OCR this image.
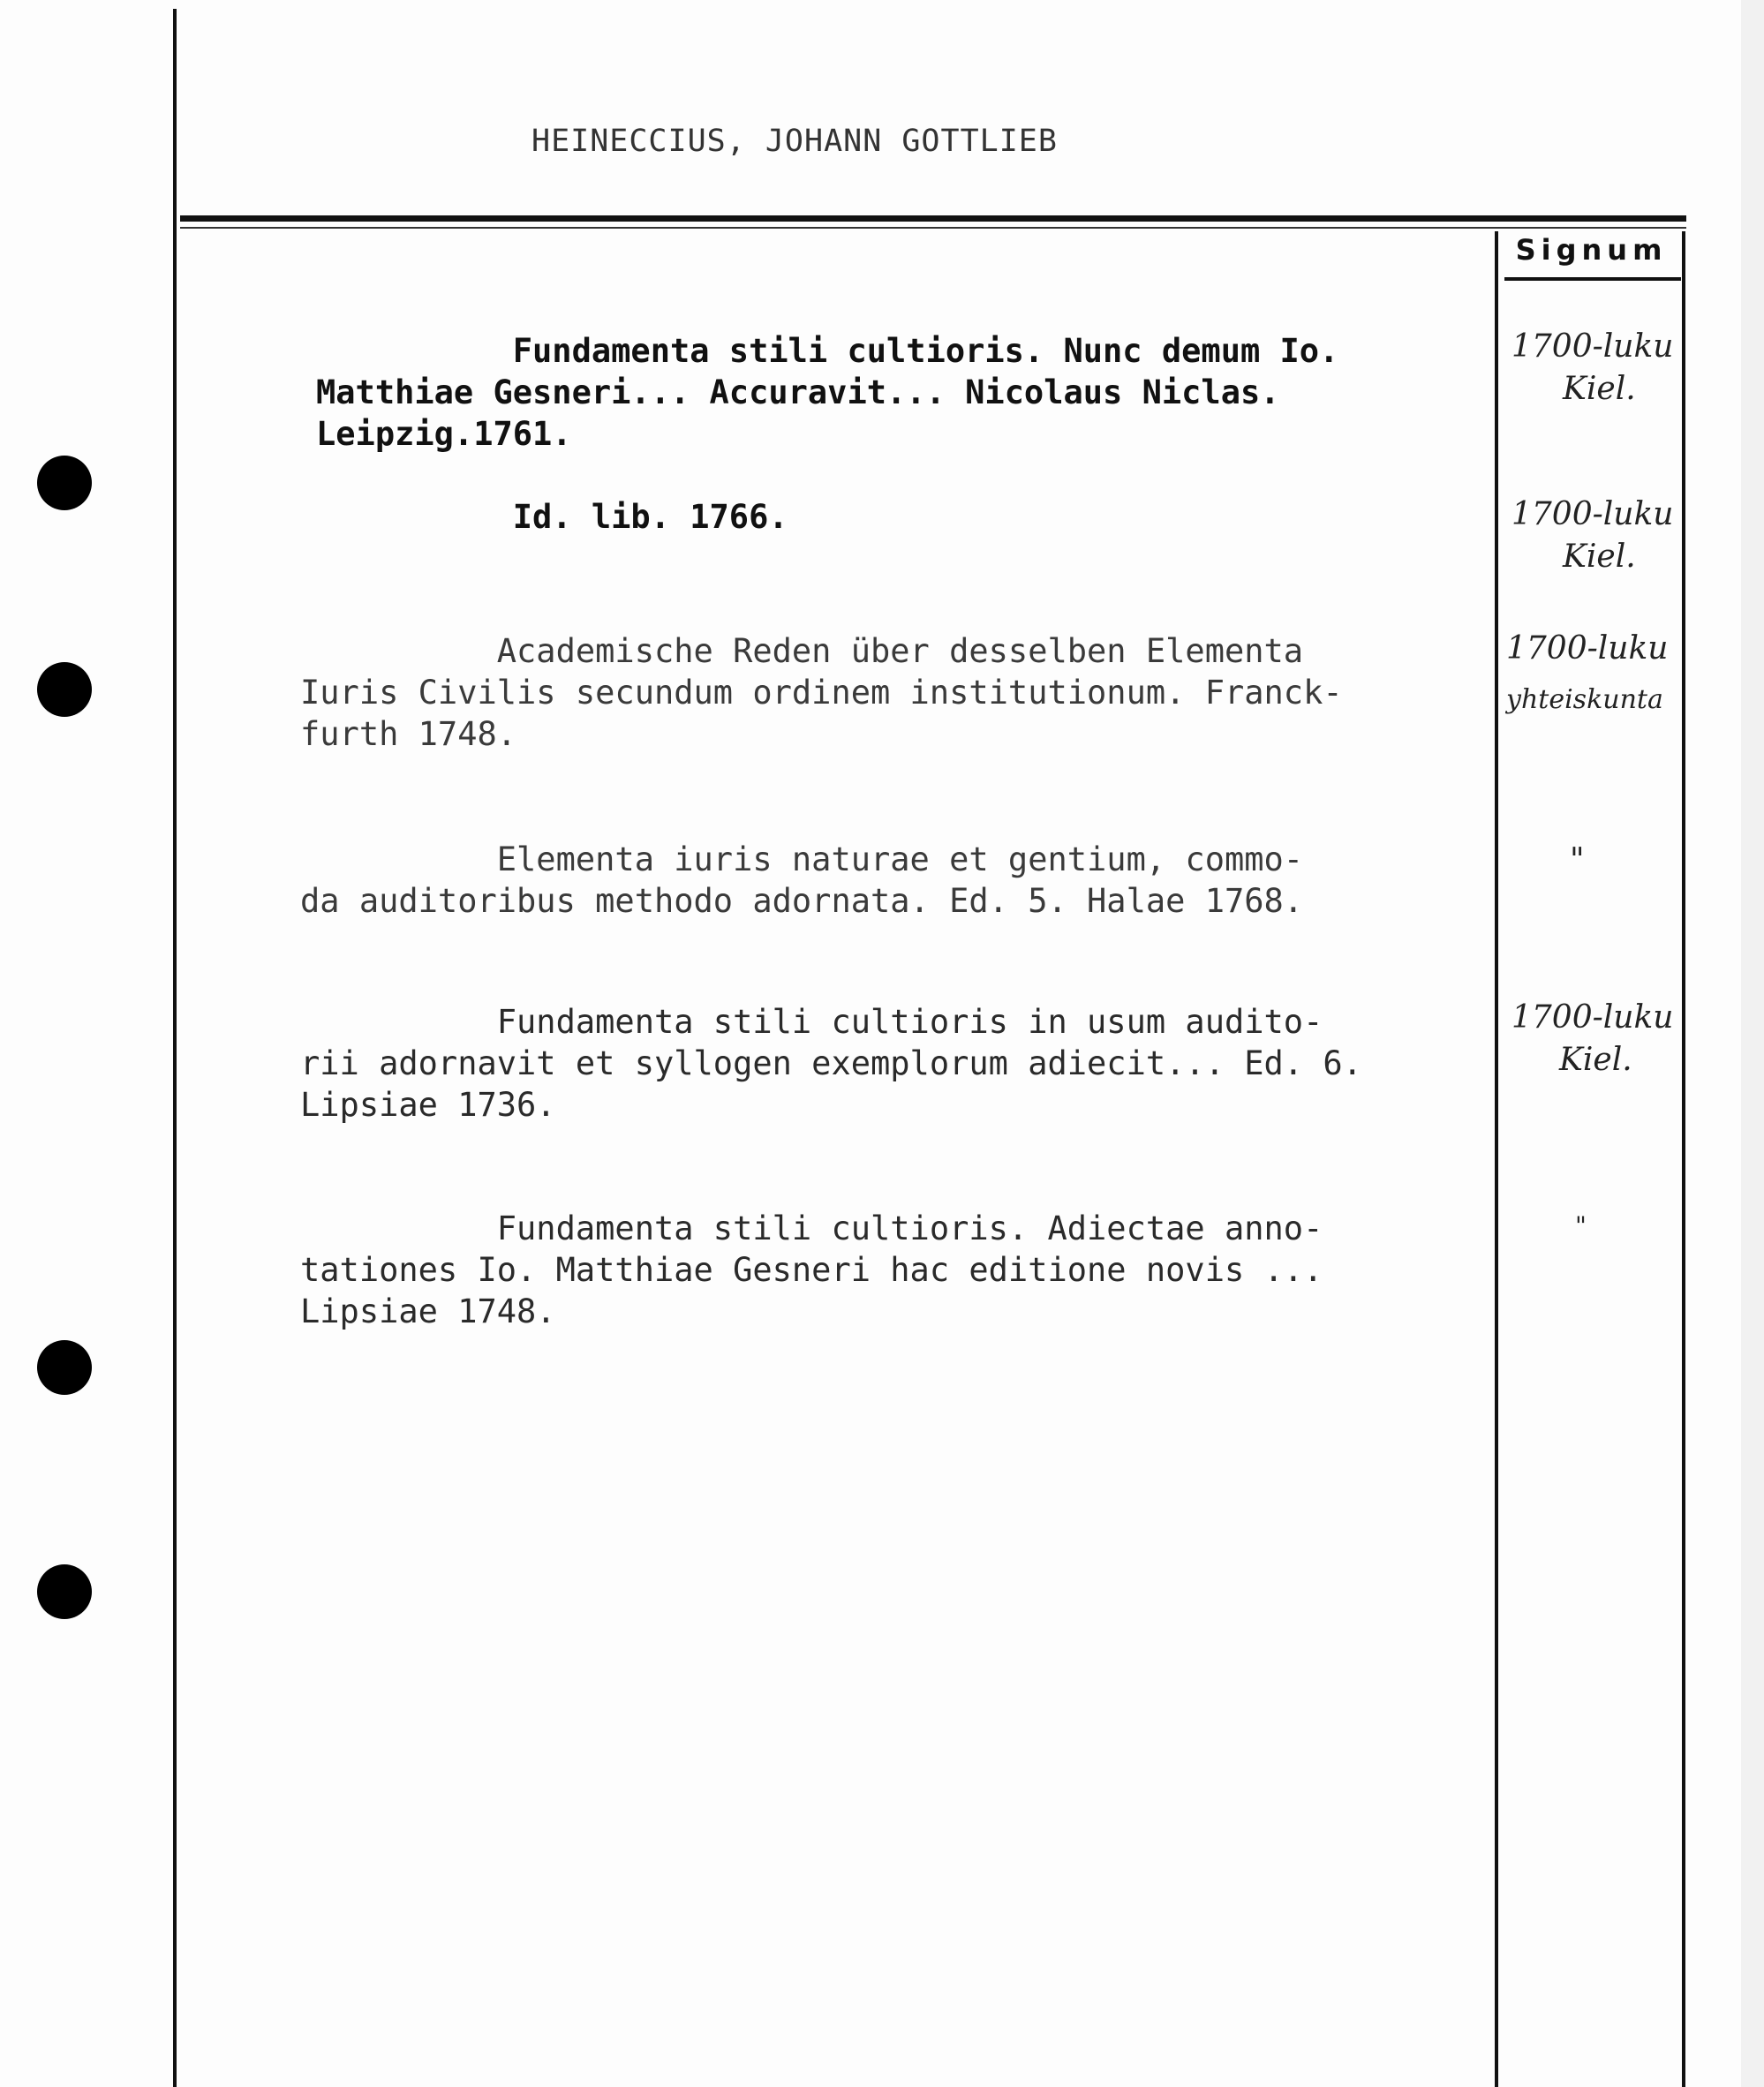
HEINECCIUS, JOHANN GOTTLIEB
Signum
Fundamenta stili cultioris. Nunc demum Io.
Matthiae Gesneri... Accuravit... Nicolaus Niclas.
Leipzig.1761.
1700-luku
Kiel.
Id. lib. 1766.	1700-luku
Kiel.
Academische Reden über desselben Elementa
Iuris Civilis secundum ordinem institutionum. Franck-
furth 1748.
1700-luku
yhteiskunta
Elementa iuris naturae et gentium, commo-
da auditoribus methodo adornata. Ed. 5. Halae 1768.
"
Fundamenta stili cultioris in usum audito-
rii adornavit et syllogen exemplorum adiecit... Ed. 6.
Lipsiae 1736.
1700-luku
Kiel.
Fundamenta stili cultioris. Adiectae anno-
tationes Io. Matthiae Gesneri hac editione novis ...
Lipsiae 1748.
"
